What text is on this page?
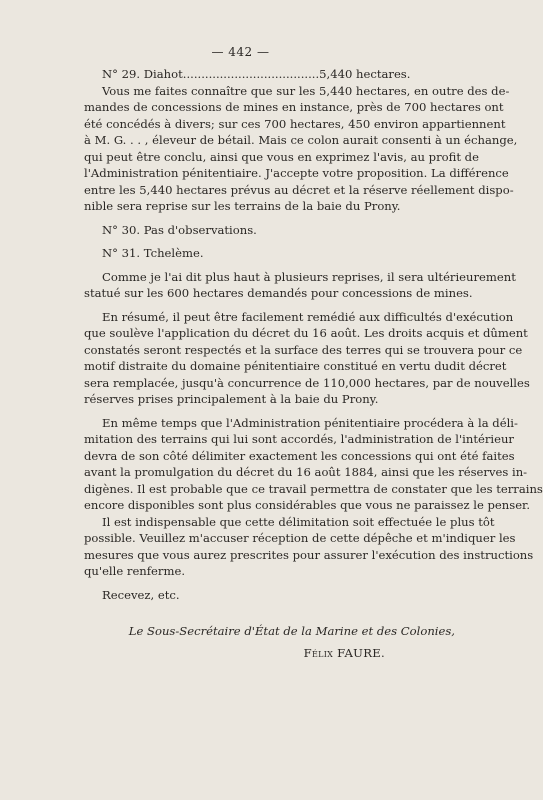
— 442 —
N° 29. Diahot.....................................5,440 hectares.
Vous me faites connaître que sur les 5,440 hectares, en outre des de-
mandes de concessions de mines en instance, près de 700 hectares ont
été concédés à divers; sur ces 700 hectares, 450 environ appartiennent
à M. G. . . , éleveur de bétail. Mais ce colon aurait consenti à un échange,
qui peut être conclu, ainsi que vous en exprimez l'avis, au profit de
l'Administration pénitentiaire. J'accepte votre proposition. La différence
entre les 5,440 hectares prévus au décret et la réserve réellement dispo-
nible sera reprise sur les terrains de la baie du Prony.
N° 30. Pas d'observations.
N° 31. Tchelème.
Comme je l'ai dit plus haut à plusieurs reprises, il sera ultérieurement
statué sur les 600 hectares demandés pour concessions de mines.
En résumé, il peut être facilement remédié aux difficultés d'exécution
que soulève l'application du décret du 16 août. Les droits acquis et dûment
constatés seront respectés et la surface des terres qui se trouvera pour ce
motif distraite du domaine pénitentiaire constitué en vertu dudit décret
sera remplacée, jusqu'à concurrence de 110,000 hectares, par de nouvelles
réserves prises principalement à la baie du Prony.
En même temps que l'Administration pénitentiaire procédera à la déli-
mitation des terrains qui lui sont accordés, l'administration de l'intérieur
devra de son côté délimiter exactement les concessions qui ont été faites
avant la promulgation du décret du 16 août 1884, ainsi que les réserves in-
digènes. Il est probable que ce travail permettra de constater que les terrains
encore disponibles sont plus considérables que vous ne paraissez le penser.
Il est indispensable que cette délimitation soit effectuée le plus tôt
possible. Veuillez m'accuser réception de cette dépêche et m'indiquer les
mesures que vous aurez prescrites pour assurer l'exécution des instructions
qu'elle renferme.
Recevez, etc.
Le Sous-Secrétaire d'État de la Marine et des Colonies,
Félix FAURE.
